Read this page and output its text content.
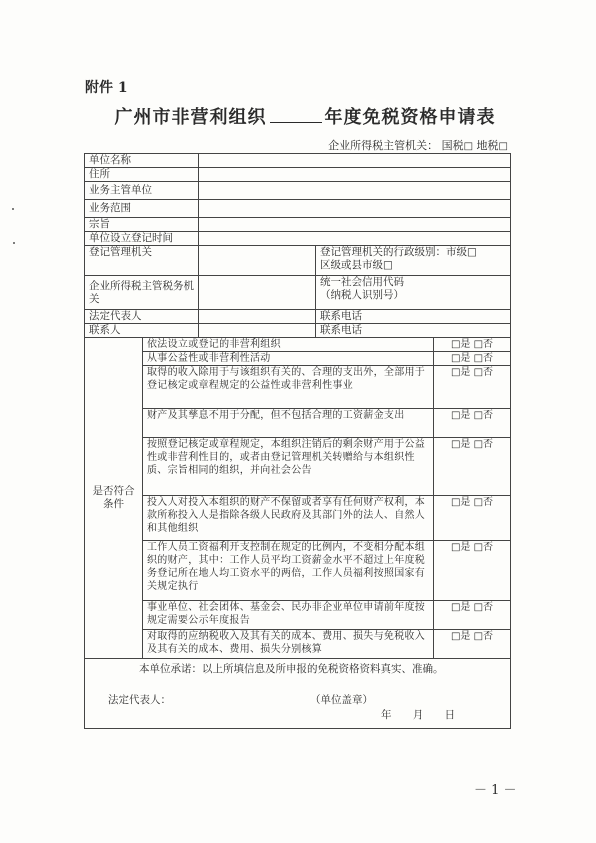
附件 1
广州市非营利组织	年度免税资格申请表
企业所得税主管机关： 国税□ 地税□
单位名称				
住所				
业务主管单位				
业务范围				
宗旨				
单位设立登记时间				
登记管理机关			登记管理机关的行政级别：市级□
区级或县市级□	

企业所得税主管税务机关			统一社会信用代码
（纳税人识别号）	

法定代表人			联系电话	
联系人			联系电话	
是否符合条件	依法设立或登记的非营利组织			□是 □否
	从事公益性或非营利性活动			□是 □否
	取得的收入除用于与该组织有关的、合理的支出外，全部用于登记核定或章程规定的公益性或非营利性事业			□是 □否
	财产及其孳息不用于分配，但不包括合理的工资薪金支出			□是 □否
	按照登记核定或章程规定，本组织注销后的剩余财产用于公益性或非营利性目的，或者由登记管理机关转赠给与本组织性质、宗旨相同的组织，并向社会公告			□是 □否
	投入人对投入本组织的财产不保留或者享有任何财产权利，本款所称投入人是指除各级人民政府及其部门外的法人、自然人和其他组织			□是 □否
	工作人员工资福利开支控制在规定的比例内，不变相分配本组织的财产，其中：工作人员平均工资薪金水平不超过上年度税务登记所在地人均工资水平的两倍，工作人员福利按照国家有关规定执行			□是 □否
	事业单位、社会团体、基金会、民办非企业单位申请前年度按规定需要公示年度报告			□是 □否
	对取得的应纳税收入及其有关的成本、费用、损失与免税收入及其有关的成本、费用、损失分别核算			□是 □否

本单位承诺：以上所填信息及所申报的免税资格资料真实、准确。
法定代表人： （单位盖章）
年 月 日				
－ 1 －
